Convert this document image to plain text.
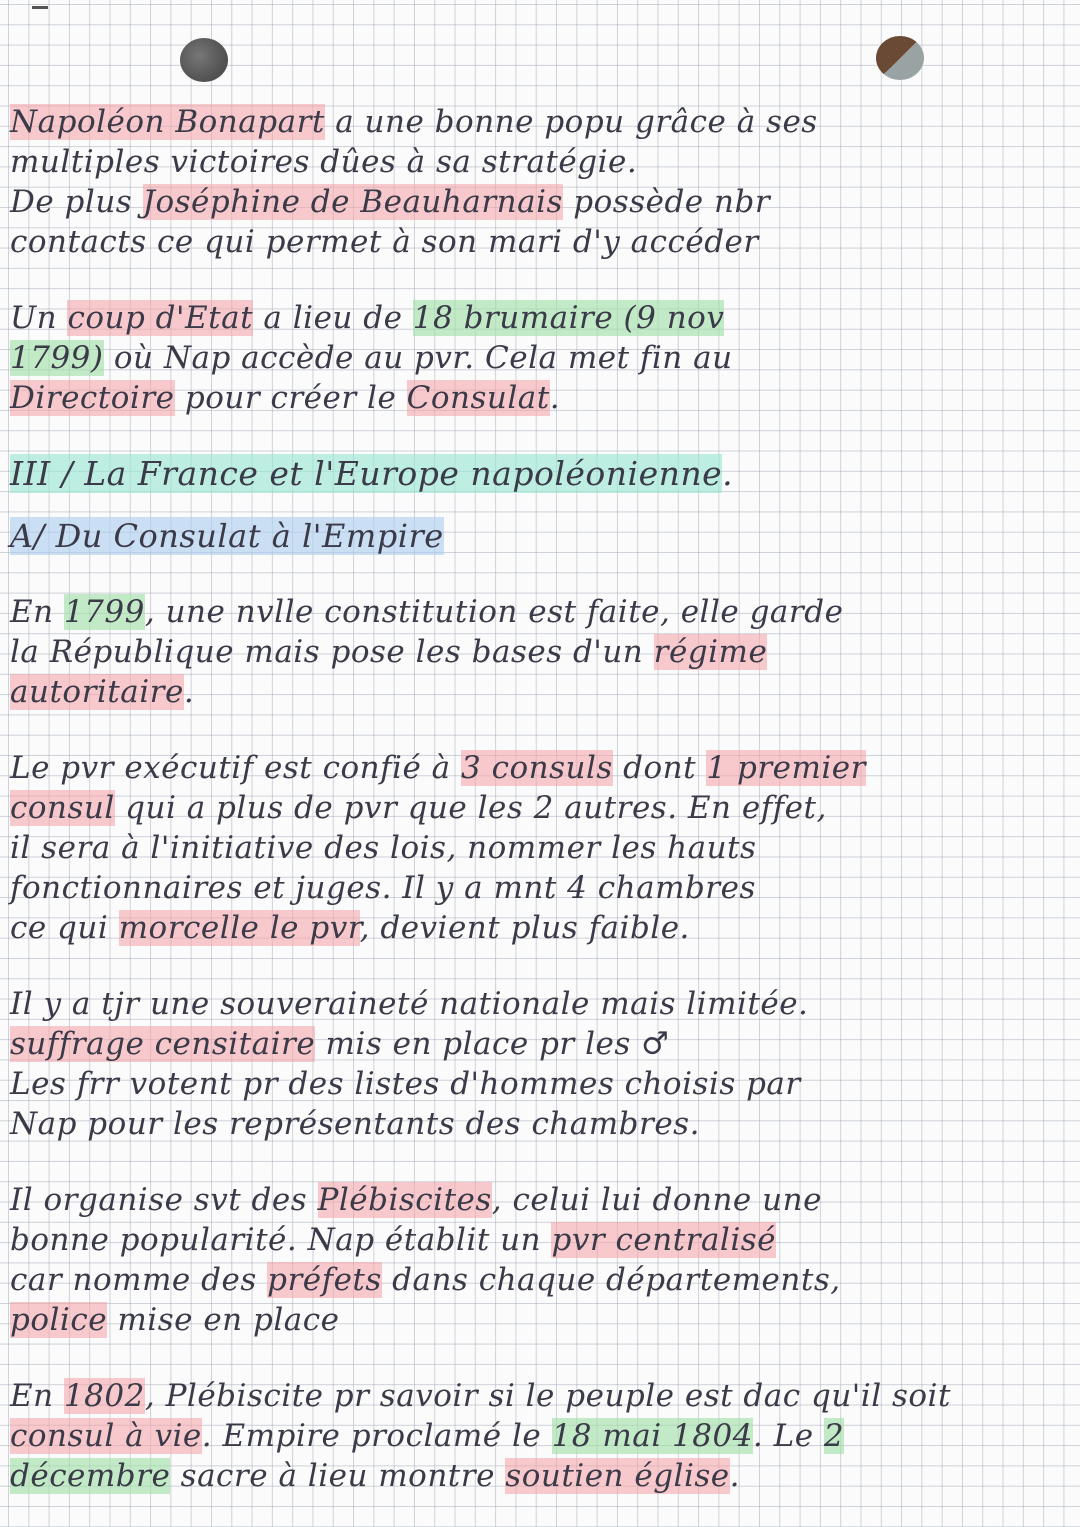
Napoléon Bonapart a une bonne popu grâce à ses
multiples victoires dûes à sa stratégie.
De plus Joséphine de Beauharnais possède nbr
contacts ce qui permet à son mari d'y accéder
Un coup d'Etat a lieu de 18 brumaire (9 nov
1799) où Nap accède au pvr. Cela met fin au
Directoire pour créer le Consulat.
III / La France et l'Europe napoléonienne.
A/ Du Consulat à l'Empire
En 1799, une nvlle constitution est faite, elle garde
la République mais pose les bases d'un régime
autoritaire.
Le pvr exécutif est confié à 3 consuls dont 1 premier
consul qui a plus de pvr que les 2 autres. En effet,
il sera à l'initiative des lois, nommer les hauts
fonctionnaires et juges. Il y a mnt 4 chambres
ce qui morcelle le pvr, devient plus faible.
Il y a tjr une souveraineté nationale mais limitée.
suffrage censitaire mis en place pr les ♂
Les frr votent pr des listes d'hommes choisis par
Nap pour les représentants des chambres.
Il organise svt des Plébiscites, celui lui donne une
bonne popularité. Nap établit un pvr centralisé
car nomme des préfets dans chaque départements,
police mise en place
En 1802, Plébiscite pr savoir si le peuple est dac qu'il soit
consul à vie. Empire proclamé le 18 mai 1804. Le 2
décembre sacre à lieu montre soutien église.
